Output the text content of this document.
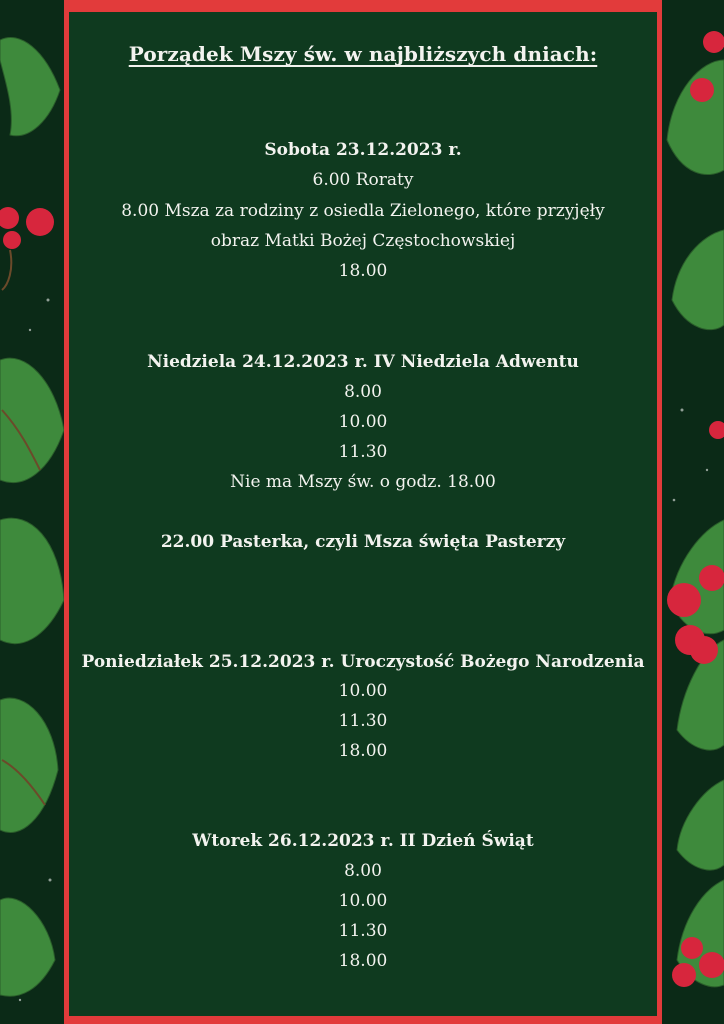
Porządek Mszy św. w najbliższych dniach:
Sobota 23.12.2023 r.
6.00 Roraty
8.00 Msza za rodziny z osiedla Zielonego, które przyjęły
obraz Matki Bożej Częstochowskiej
18.00
Niedziela 24.12.2023 r. IV Niedziela Adwentu
8.00
10.00
11.30
Nie ma Mszy św. o godz. 18.00
22.00 Pasterka, czyli Msza święta Pasterzy
Poniedziałek 25.12.2023 r. Uroczystość Bożego Narodzenia
10.00
11.30
18.00
Wtorek 26.12.2023 r. II Dzień Świąt
8.00
10.00
11.30
18.00
